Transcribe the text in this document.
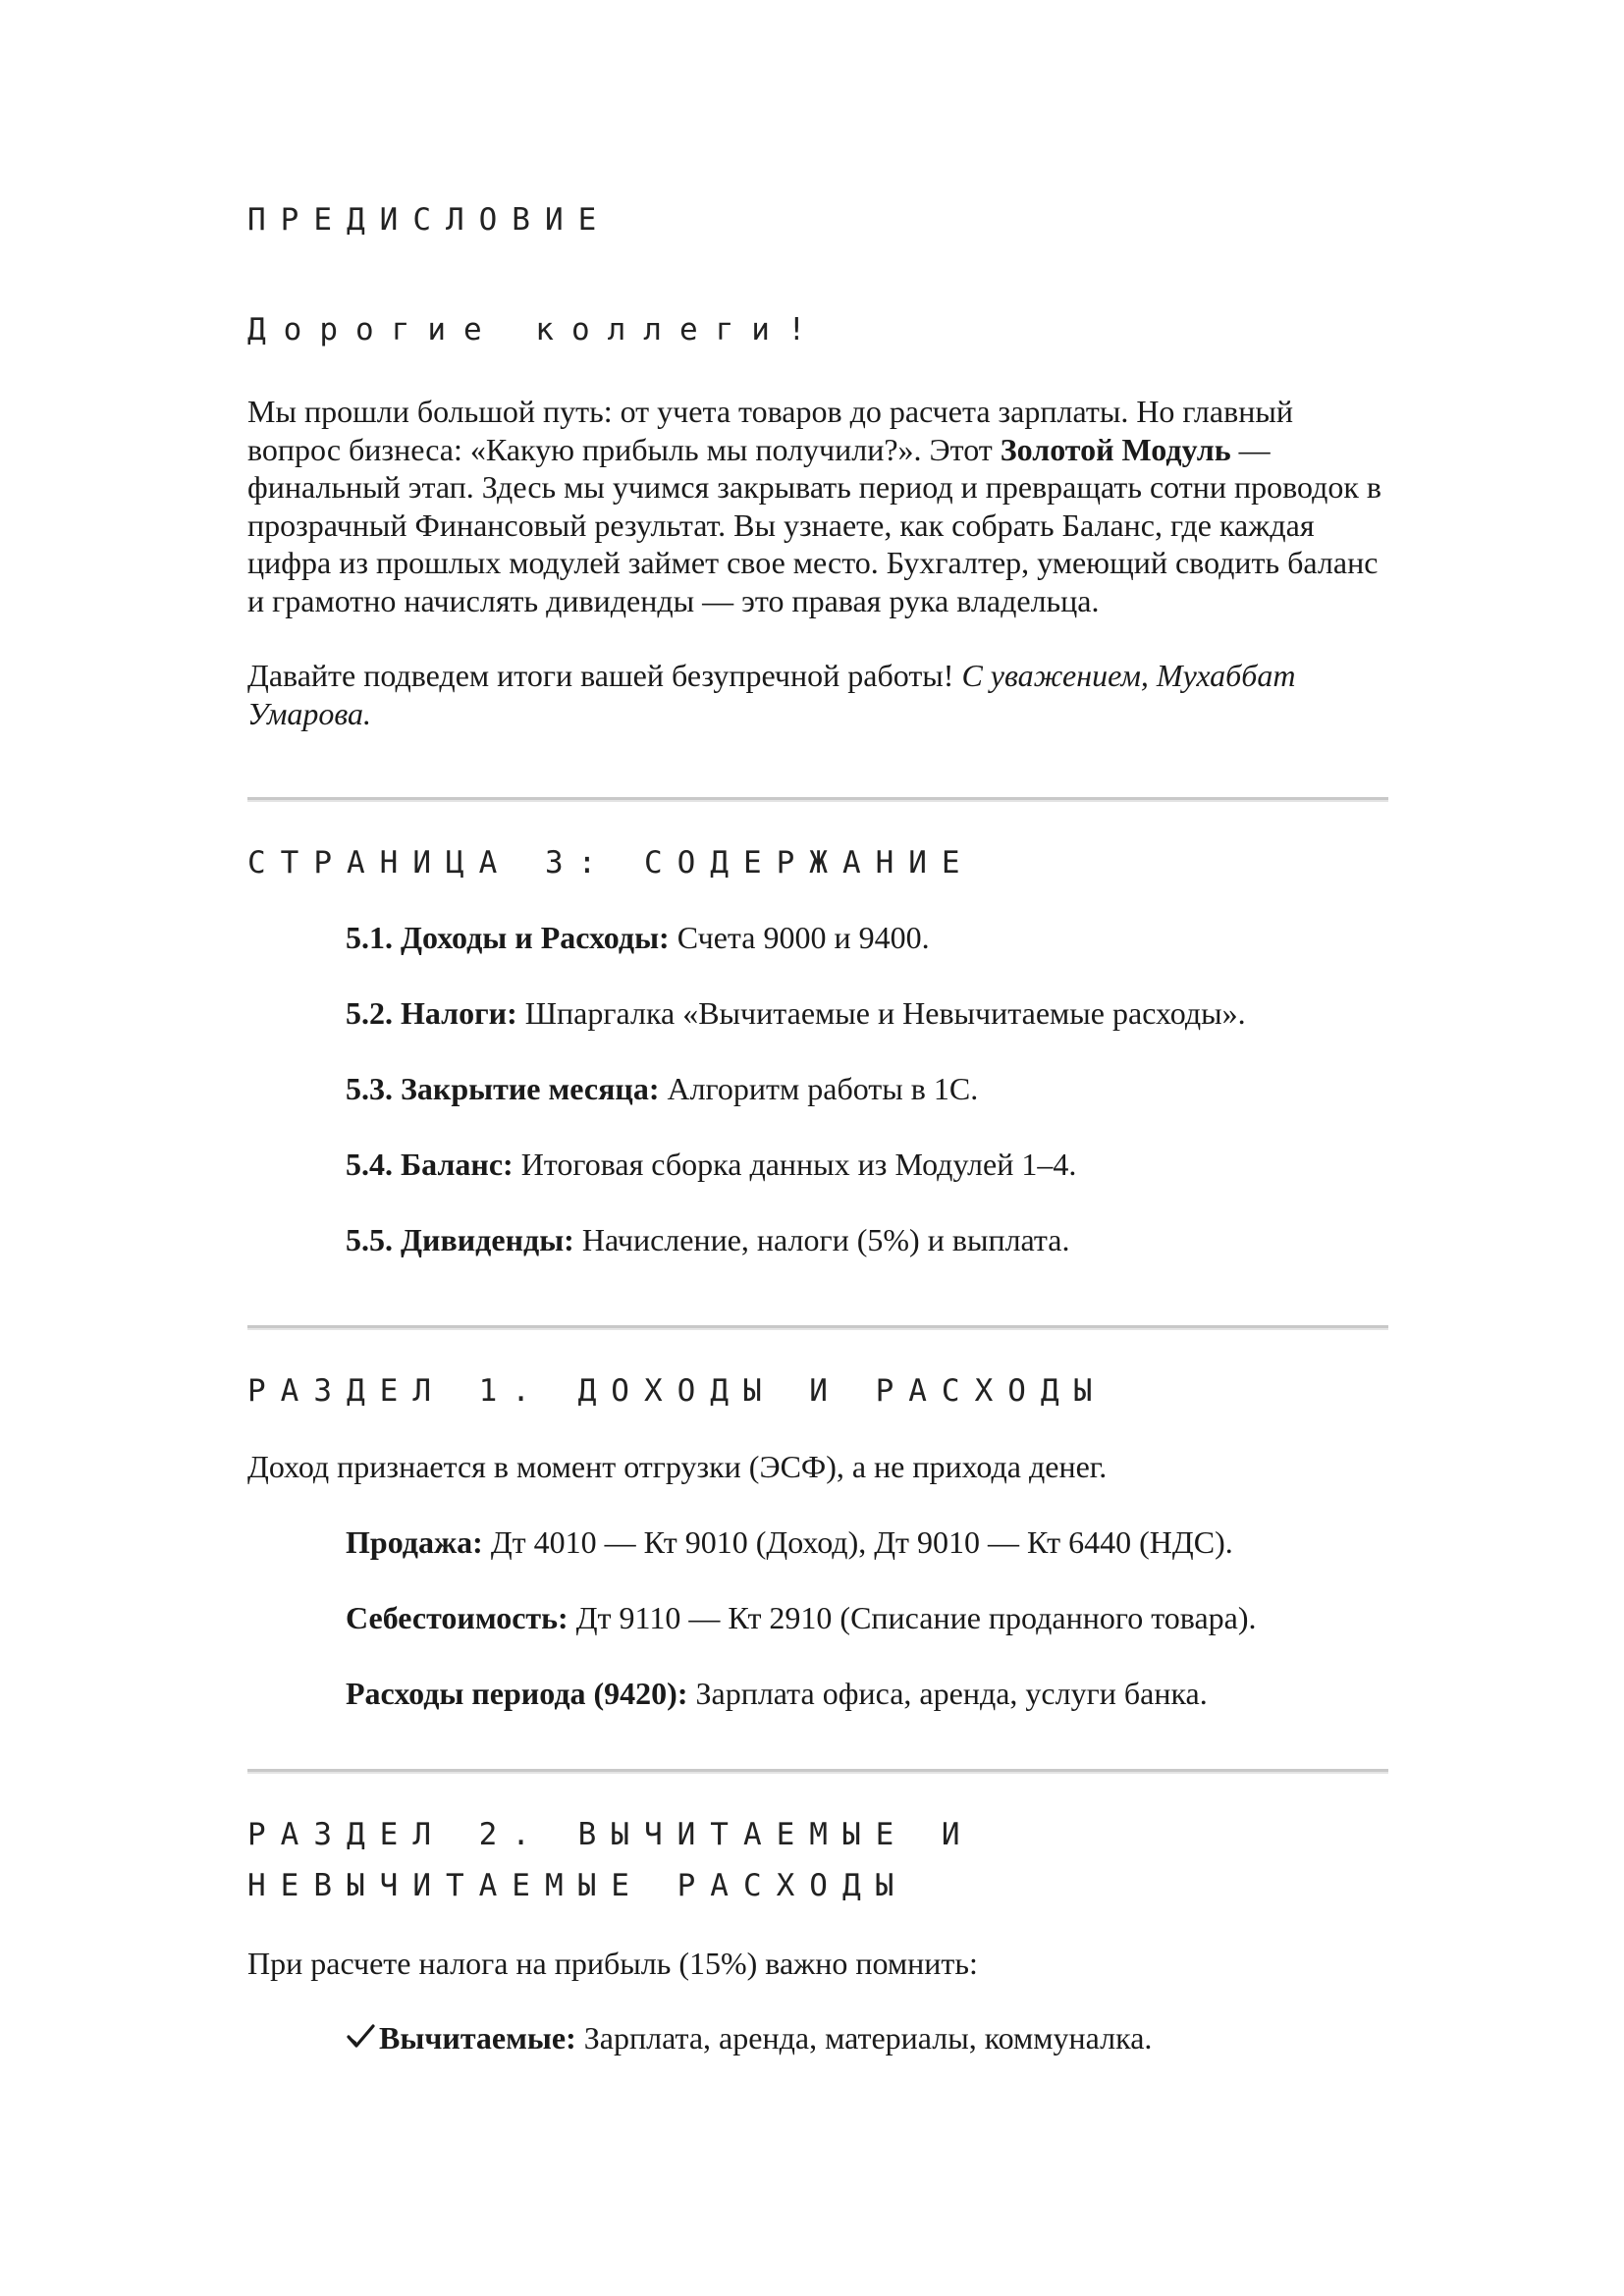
ПРЕДИСЛОВИЕ

Дорогие коллеги!

Мы прошли большой путь: от учета товаров до расчета зарплаты. Но главный вопрос бизнеса: «Какую прибыль мы получили?». Этот Золотой Модуль — финальный этап. Здесь мы учимся закрывать период и превращать сотни проводок в прозрачный Финансовый результат. Вы узнаете, как собрать Баланс, где каждая цифра из прошлых модулей займет свое место. Бухгалтер, умеющий сводить баланс и грамотно начислять дивиденды — это правая рука владельца.

Давайте подведем итоги вашей безупречной работы! С уважением, Мухаббат Умарова.

СТРАНИЦА 3: СОДЕРЖАНИЕ
5.1. Доходы и Расходы: Счета 9000 и 9400.
5.2. Налоги: Шпаргалка «Вычитаемые и Невычитаемые расходы».
5.3. Закрытие месяца: Алгоритм работы в 1С.
5.4. Баланс: Итоговая сборка данных из Модулей 1–4.
5.5. Дивиденды: Начисление, налоги (5%) и выплата.
РАЗДЕЛ 1. ДОХОДЫ И РАСХОДЫ

Доход признается в момент отгрузки (ЭСФ), а не прихода денег.

Продажа: Дт 4010 — Кт 9010 (Доход), Дт 9010 — Кт 6440 (НДС).
Себестоимость: Дт 9110 — Кт 2910 (Списание проданного товара).
Расходы периода (9420): Зарплата офиса, аренда, услуги банка.
РАЗДЕЛ 2. ВЫЧИТАЕМЫЕ И НЕВЫЧИТАЕМЫЕ РАСХОДЫ

При расчете налога на прибыль (15%) важно помнить:

Вычитаемые: Зарплата, аренда, материалы, коммуналка.
